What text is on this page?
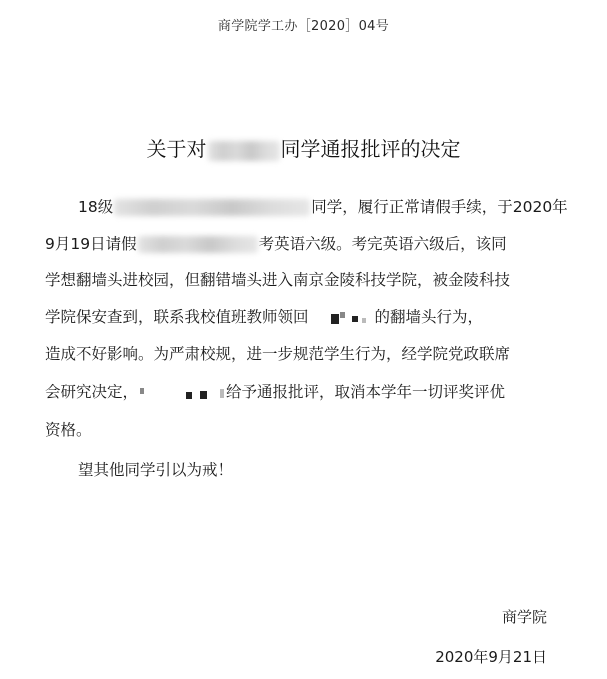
商学院学工办［2020］04号
关于对	同学通报批评的决定
18级	同学，履行正常请假手续，于2020年
9月19日请假	考英语六级。考完英语六级后，该同
学想翻墙头进校园，但翻错墙头进入南京金陵科技学院，被金陵科技
学院保安查到，联系我校值班教师领回	的翻墙头行为，
造成不好影响。为严肃校规，进一步规范学生行为，经学院党政联席
会研究决定，	给予通报批评，取消本学年一切评奖评优
资格。
望其他同学引以为戒！
商学院
2020年9月21日
